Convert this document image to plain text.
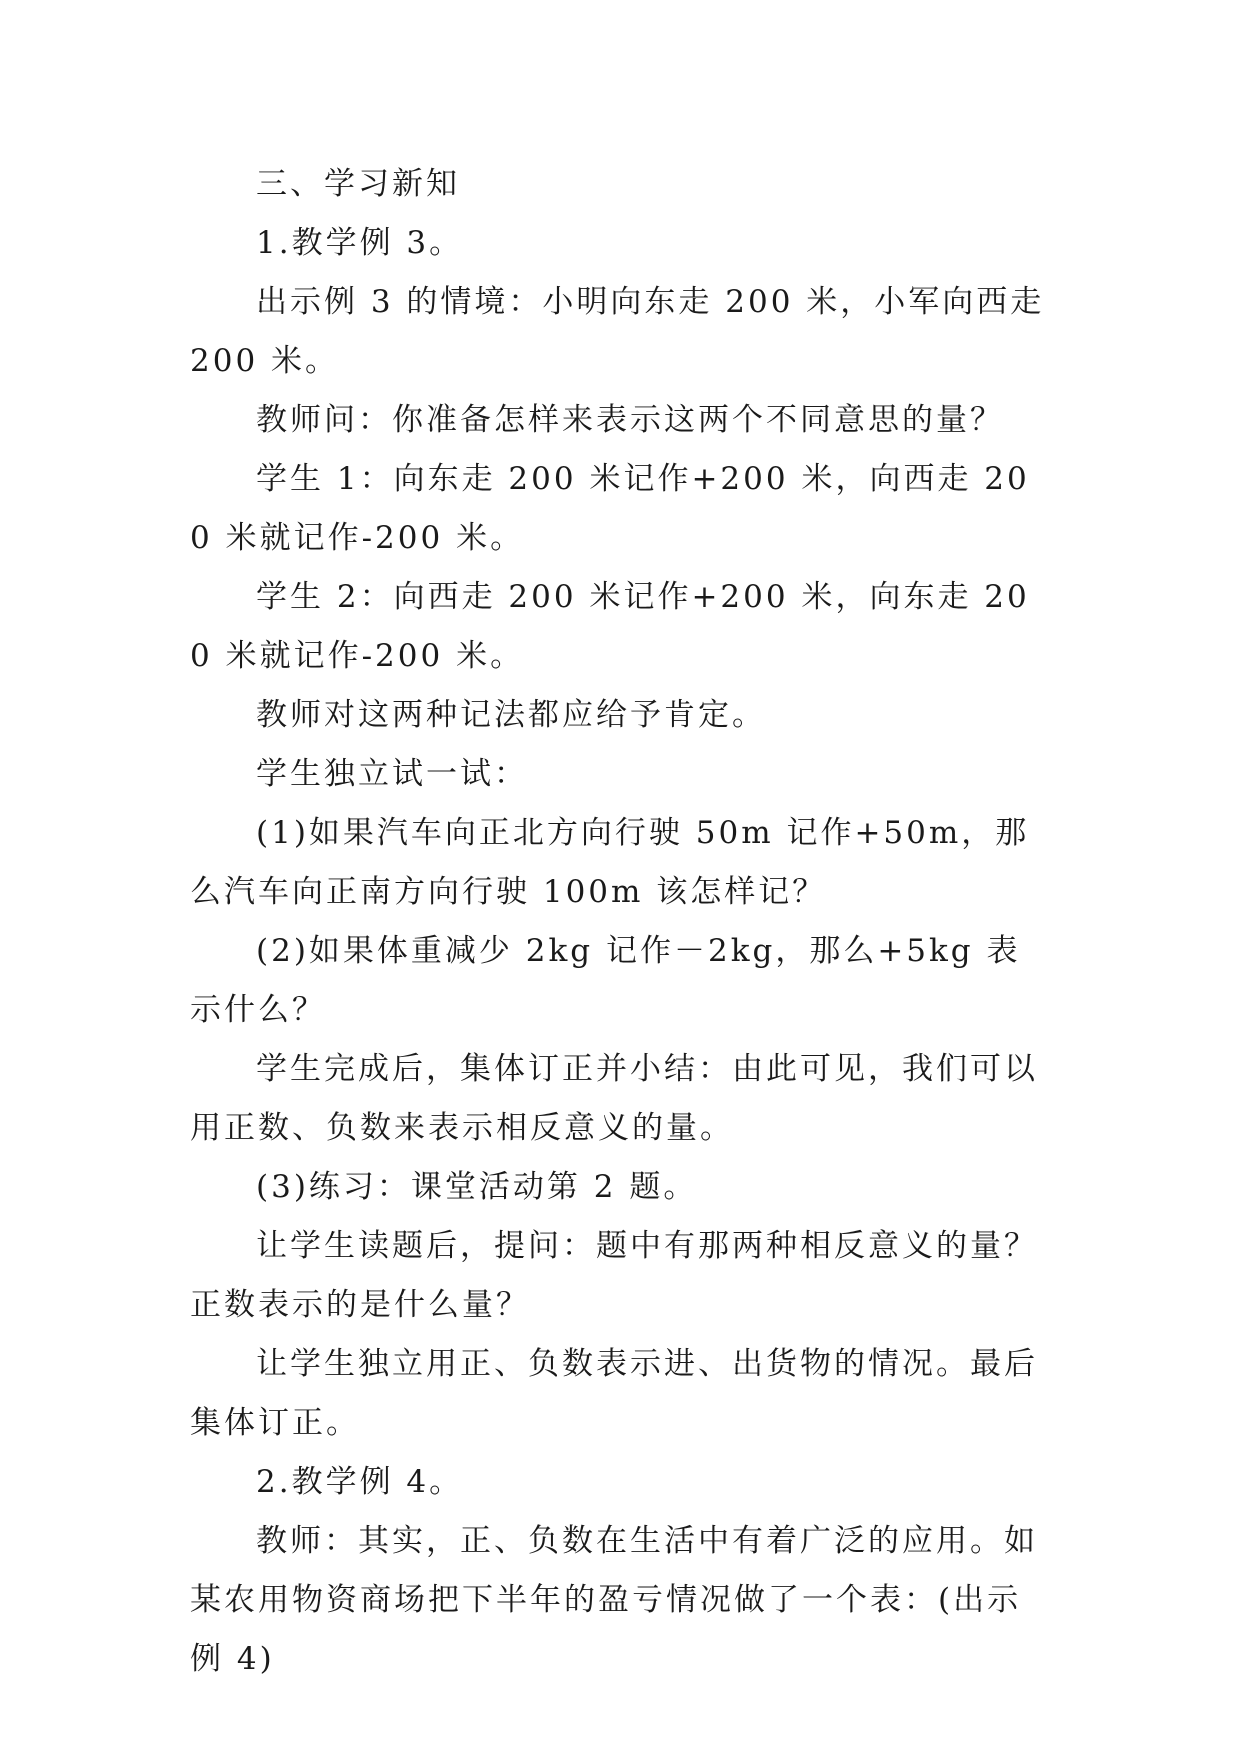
三、学习新知

1.教学例 3。

出示例 3 的情境：小明向东走 200 米，小军向西走 200 米。

教师问：你准备怎样来表示这两个不同意思的量？

学生 1：向东走 200 米记作+200 米，向西走 200 米就记作-200 米。

学生 2：向西走 200 米记作+200 米，向东走 200 米就记作-200 米。

教师对这两种记法都应给予肯定。

学生独立试一试：

(1)如果汽车向正北方向行驶 50m 记作+50m，那么汽车向正南方向行驶 100m 该怎样记？

(2)如果体重减少 2kg 记作－2kg，那么+5kg 表示什么？

学生完成后，集体订正并小结：由此可见，我们可以用正数、负数来表示相反意义的量。

(3)练习：课堂活动第 2 题。

让学生读题后，提问：题中有那两种相反意义的量？正数表示的是什么量？

让学生独立用正、负数表示进、出货物的情况。最后集体订正。

2.教学例 4。

教师：其实，正、负数在生活中有着广泛的应用。如某农用物资商场把下半年的盈亏情况做了一个表：(出示例 4)
